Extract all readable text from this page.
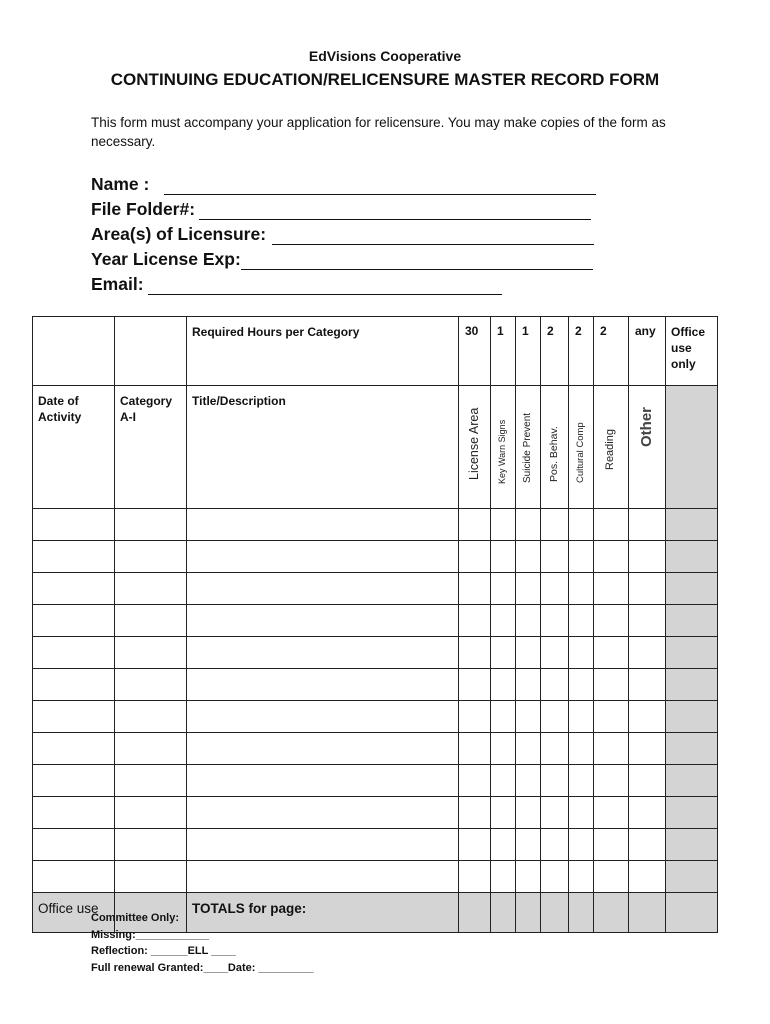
EdVisions Cooperative
CONTINUING EDUCATION/RELICENSURE MASTER RECORD FORM
This form must accompany your application for relicensure. You may make copies of the form as necessary.
Name :
File Folder#:
Area(s) of Licensure:
Year License Exp:
Email:
		Required Hours per Category	30	1	1	2	2	2	any	Office use only
Date of Activity	Category A-I	Title/Description	License Area	Key Warn Signs	Suicide Prevent	Pos. Behav.	Cultural Comp	Reading	Other	

Office use		TOTALS for page:								
Committee Only:
Missing:____________
Reflection: ______ELL ____
Full renewal Granted:____Date: _________
